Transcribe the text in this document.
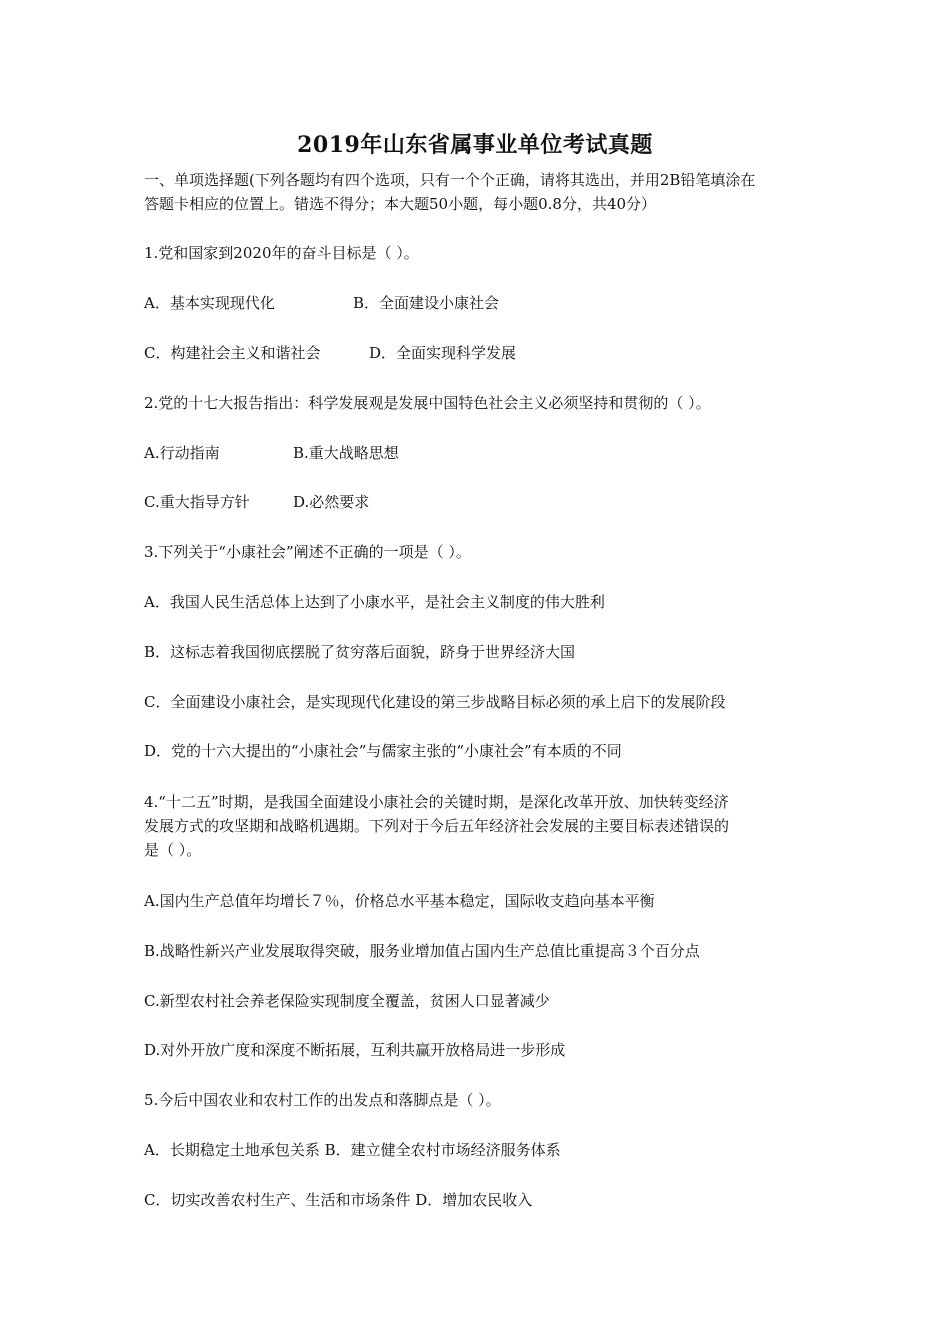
2019年山东省属事业单位考试真题
一、单项选择题(下列各题均有四个选项，只有一个个正确，请将其选出，并用2B铅笔填涂在
答题卡相应的位置上。错选不得分；本大题50小题，每小题0.8分，共40分）
1.党和国家到2020年的奋斗目标是（ ）。
A．基本实现现代化	B．全面建设小康社会
C．构建社会主义和谐社会	D．全面实现科学发展
2.党的十七大报告指出：科学发展观是发展中国特色社会主义必须坚持和贯彻的（ ）。
A.行动指南	B.重大战略思想
C.重大指导方针	D.必然要求
3.下列关于“小康社会”阐述不正确的一项是（ ）。
A．我国人民生活总体上达到了小康水平，是社会主义制度的伟大胜利
B．这标志着我国彻底摆脱了贫穷落后面貌，跻身于世界经济大国
C．全面建设小康社会，是实现现代化建设的第三步战略目标必须的承上启下的发展阶段
D．党的十六大提出的“小康社会”与儒家主张的“小康社会”有本质的不同
4.“十二五”时期，是我国全面建设小康社会的关键时期，是深化改革开放、加快转变经济
发展方式的攻坚期和战略机遇期。下列对于今后五年经济社会发展的主要目标表述错误的
是（ ）。
A.国内生产总值年均增长７％，价格总水平基本稳定，国际收支趋向基本平衡
B.战略性新兴产业发展取得突破，服务业增加值占国内生产总值比重提高３个百分点
C.新型农村社会养老保险实现制度全覆盖，贫困人口显著减少
D.对外开放广度和深度不断拓展，互利共赢开放格局进一步形成
5.今后中国农业和农村工作的出发点和落脚点是（ ）。
A．长期稳定土地承包关系 B．建立健全农村市场经济服务体系
C．切实改善农村生产、生活和市场条件 D．增加农民收入
